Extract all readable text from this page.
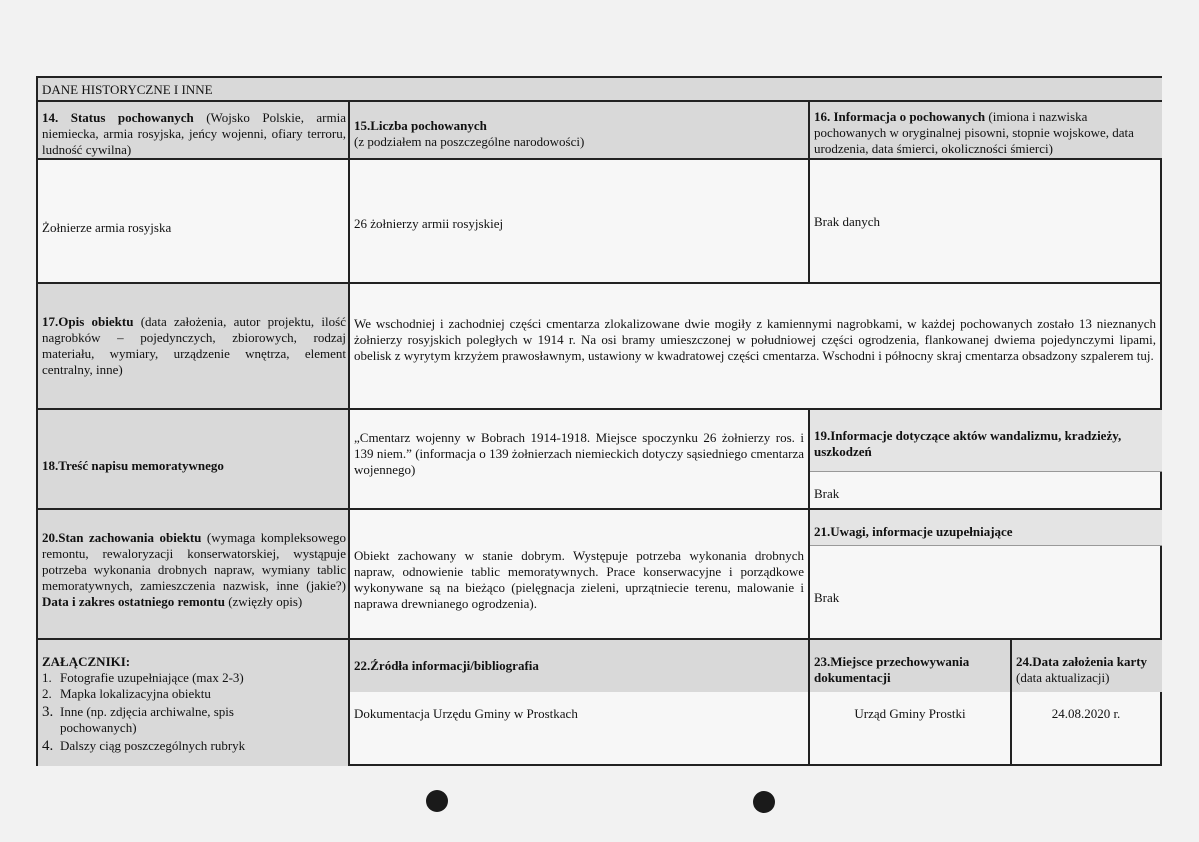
DANE HISTORYCZNE I INNE
14. Status pochowanych (Wojsko Polskie, armia niemiecka, armia rosyjska, jeńcy wojenni, ofiary terroru, ludność cywilna)
Żołnierze armia rosyjska
15.Liczba pochowanych
(z podziałem na poszczególne narodowości)
26 żołnierzy armii rosyjskiej
16. Informacja o pochowanych (imiona i nazwiska pochowanych w oryginalnej pisowni, stopnie wojskowe, data urodzenia, data śmierci, okoliczności śmierci)
Brak danych
17.Opis obiektu (data założenia, autor projektu, ilość nagrobków – pojedynczych, zbiorowych, rodzaj materiału, wymiary, urządzenie wnętrza, element centralny, inne)
We wschodniej i zachodniej części cmentarza zlokalizowane dwie mogiły z kamiennymi nagrobkami, w każdej pochowanych zostało 13 nieznanych żołnierzy rosyjskich poległych w 1914 r. Na osi bramy umieszczonej w południowej części ogrodzenia, flankowanej dwiema pojedynczymi lipami, obelisk z wyrytym krzyżem prawosławnym, ustawiony w kwadratowej części cmentarza. Wschodni i północny skraj cmentarza obsadzony szpalerem tuj.
18.Treść napisu memoratywnego
„Cmentarz wojenny w Bobrach 1914-1918. Miejsce spoczynku 26 żołnierzy ros. i 139 niem.” (informacja o 139 żołnierzach niemieckich dotyczy sąsiedniego cmentarza wojennego)
19.Informacje dotyczące aktów wandalizmu, kradzieży, uszkodzeń
Brak
20.Stan zachowania obiektu (wymaga kompleksowego remontu, rewaloryzacji konserwatorskiej, wystąpuje potrzeba wykonania drobnych napraw, wymiany tablic memoratywnych, zamieszczenia nazwisk, inne (jakie?) Data i zakres ostatniego remontu (zwięzły opis)
Obiekt zachowany w stanie dobrym. Występuje potrzeba wykonania drobnych napraw, odnowienie tablic memoratywnych. Prace konserwacyjne i porządkowe wykonywane są na bieżąco (pielęgnacja zieleni, uprzątniecie terenu, malowanie i naprawa drewnianego ogrodzenia).
21.Uwagi, informacje uzupełniające
Brak
ZAŁĄCZNIKI:
1. Fotografie uzupełniające (max 2-3)
2. Mapka lokalizacyjna obiektu
3. Inne (np. zdjęcia archiwalne, spis pochowanych)
4. Dalszy ciąg poszczególnych rubryk
22.Źródła informacji/bibliografia
Dokumentacja Urzędu Gminy w Prostkach
23.Miejsce przechowywania dokumentacji
Urząd Gminy Prostki
24.Data założenia karty (data aktualizacji)
24.08.2020 r.
